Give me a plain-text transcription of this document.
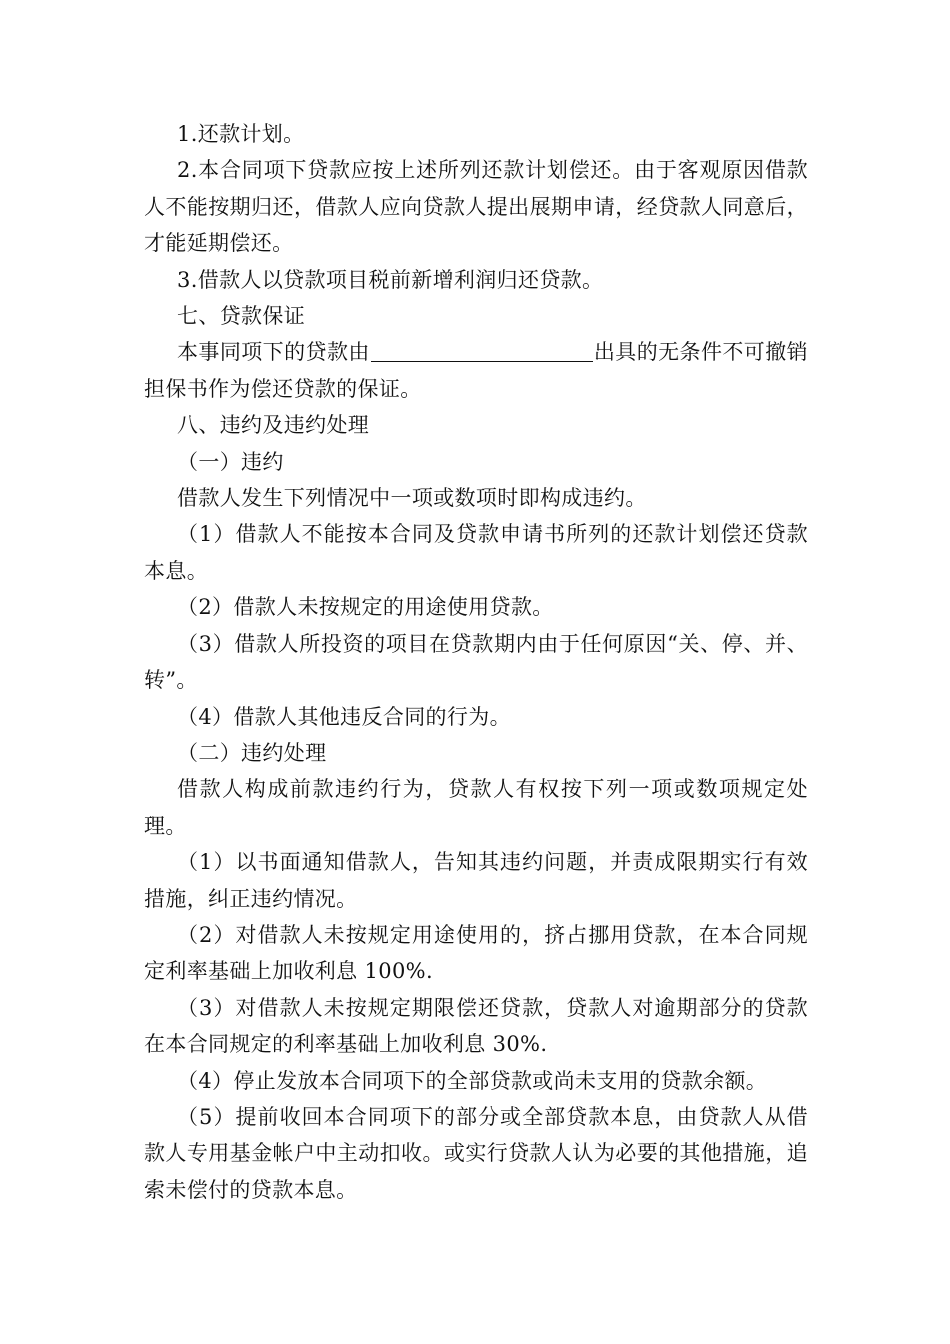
1.还款计划。

2.本合同项下贷款应按上述所列还款计划偿还。由于客观原因借款人不能按期归还，借款人应向贷款人提出展期申请，经贷款人同意后，才能延期偿还。

3.借款人以贷款项目税前新增利润归还贷款。

七、贷款保证

本事同项下的贷款由	出具的无条件不可撤销担保书作为偿还贷款的保证。

八、违约及违约处理

（一）违约

借款人发生下列情况中一项或数项时即构成违约。

（1）借款人不能按本合同及贷款申请书所列的还款计划偿还贷款本息。

（2）借款人未按规定的用途使用贷款。

（3）借款人所投资的项目在贷款期内由于任何原因“关、停、并、转”。

（4）借款人其他违反合同的行为。

（二）违约处理

借款人构成前款违约行为，贷款人有权按下列一项或数项规定处理。

（1）以书面通知借款人，告知其违约问题，并责成限期实行有效措施，纠正违约情况。

（2）对借款人未按规定用途使用的，挤占挪用贷款，在本合同规定利率基础上加收利息 100%.

（3）对借款人未按规定期限偿还贷款，贷款人对逾期部分的贷款在本合同规定的利率基础上加收利息 30%.

（4）停止发放本合同项下的全部贷款或尚未支用的贷款余额。

（5）提前收回本合同项下的部分或全部贷款本息，由贷款人从借款人专用基金帐户中主动扣收。或实行贷款人认为必要的其他措施，追索未偿付的贷款本息。
